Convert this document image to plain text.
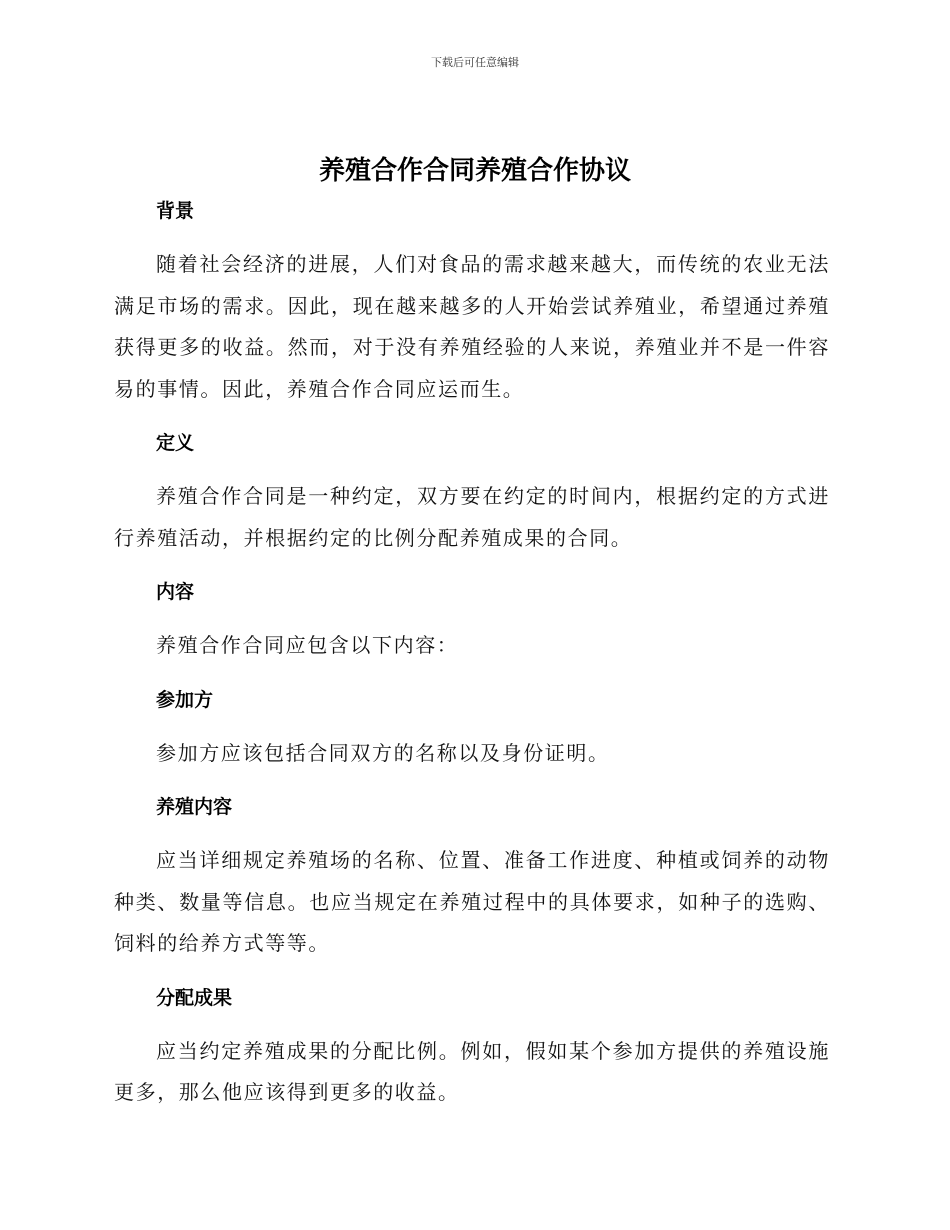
下载后可任意编辑
养殖合作合同养殖合作协议
背景

随着社会经济的进展，人们对食品的需求越来越大，而传统的农业无法满足市场的需求。因此，现在越来越多的人开始尝试养殖业，希望通过养殖获得更多的收益。然而，对于没有养殖经验的人来说，养殖业并不是一件容易的事情。因此，养殖合作合同应运而生。

定义

养殖合作合同是一种约定，双方要在约定的时间内，根据约定的方式进行养殖活动，并根据约定的比例分配养殖成果的合同。

内容

养殖合作合同应包含以下内容：

参加方

参加方应该包括合同双方的名称以及身份证明。

养殖内容

应当详细规定养殖场的名称、位置、准备工作进度、种植或饲养的动物种类、数量等信息。也应当规定在养殖过程中的具体要求，如种子的选购、饲料的给养方式等等。

分配成果

应当约定养殖成果的分配比例。例如，假如某个参加方提供的养殖设施更多，那么他应该得到更多的收益。
